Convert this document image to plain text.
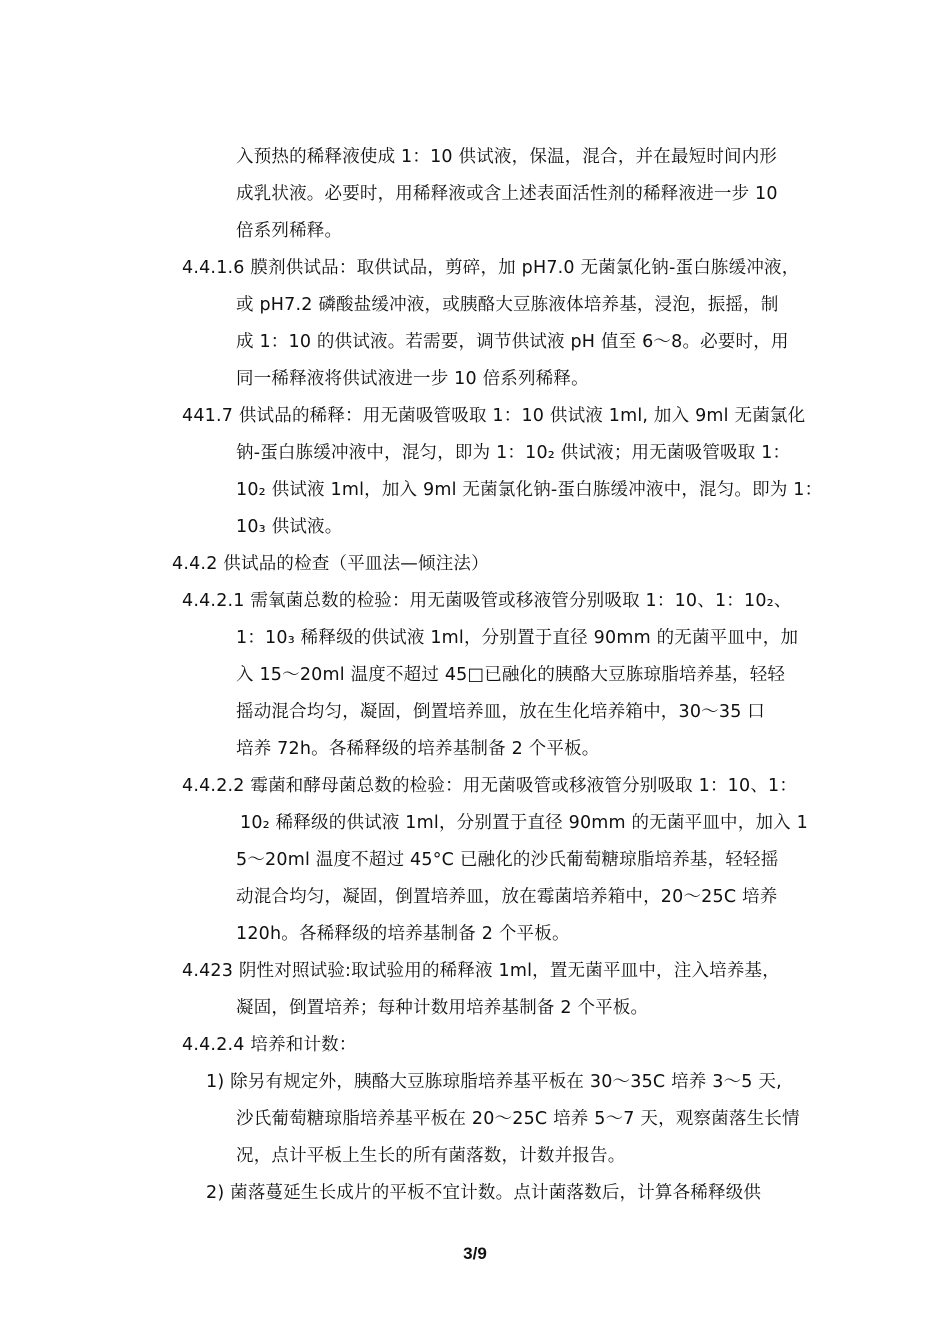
入预热的稀释液使成 1：10 供试液，保温，混合，并在最短时间内形
成乳状液。必要时，用稀释液或含上述表面活性剂的稀释液进一步 10
倍系列稀释。
4.4.1.6 膜剂供试品：取供试品，剪碎，加 pH7.0 无菌氯化钠-蛋白胨缓冲液，
或 pH7.2 磷酸盐缓冲液，或胰酪大豆胨液体培养基，浸泡，振摇，制
成 1：10 的供试液。若需要，调节供试液 pH 值至 6〜8。必要时，用
同一稀释液将供试液进一步 10 倍系列稀释。
441.7 供试品的稀释：用无菌吸管吸取 1：10 供试液 1ml, 加入 9ml 无菌氯化
钠-蛋白胨缓冲液中，混匀，即为 1：10₂ 供试液；用无菌吸管吸取 1：
10₂ 供试液 1ml，加入 9ml 无菌氯化钠-蛋白胨缓冲液中，混匀。即为 1：
10₃ 供试液。
4.4.2 供试品的检查（平皿法—倾注法）
4.4.2.1 需氧菌总数的检验：用无菌吸管或移液管分别吸取 1：10、1：10₂、
1：10₃ 稀释级的供试液 1ml，分别置于直径 90mm 的无菌平皿中，加
入 15〜20ml 温度不超过 45□已融化的胰酪大豆胨琼脂培养基，轻轻
摇动混合均匀，凝固，倒置培养皿，放在生化培养箱中，30〜35 口
培养 72h。各稀释级的培养基制备 2 个平板。
4.4.2.2 霉菌和酵母菌总数的检验：用无菌吸管或移液管分别吸取 1：10、1：
10₂ 稀释级的供试液 1ml，分别置于直径 90mm 的无菌平皿中，加入 1
5〜20ml 温度不超过 45°C 已融化的沙氏葡萄糖琼脂培养基，轻轻摇
动混合均匀，凝固，倒置培养皿，放在霉菌培养箱中，20〜25C 培养
120h。各稀释级的培养基制备 2 个平板。
4.423 阴性对照试验:取试验用的稀释液 1ml，置无菌平皿中，注入培养基，
凝固，倒置培养；每种计数用培养基制备 2 个平板。
4.4.2.4 培养和计数：
1) 除另有规定外，胰酪大豆胨琼脂培养基平板在 30〜35C 培养 3〜5 天,
沙氏葡萄糖琼脂培养基平板在 20〜25C 培养 5〜7 天，观察菌落生长情
况，点计平板上生长的所有菌落数，计数并报告。
2) 菌落蔓延生长成片的平板不宜计数。点计菌落数后，计算各稀释级供
3/9
